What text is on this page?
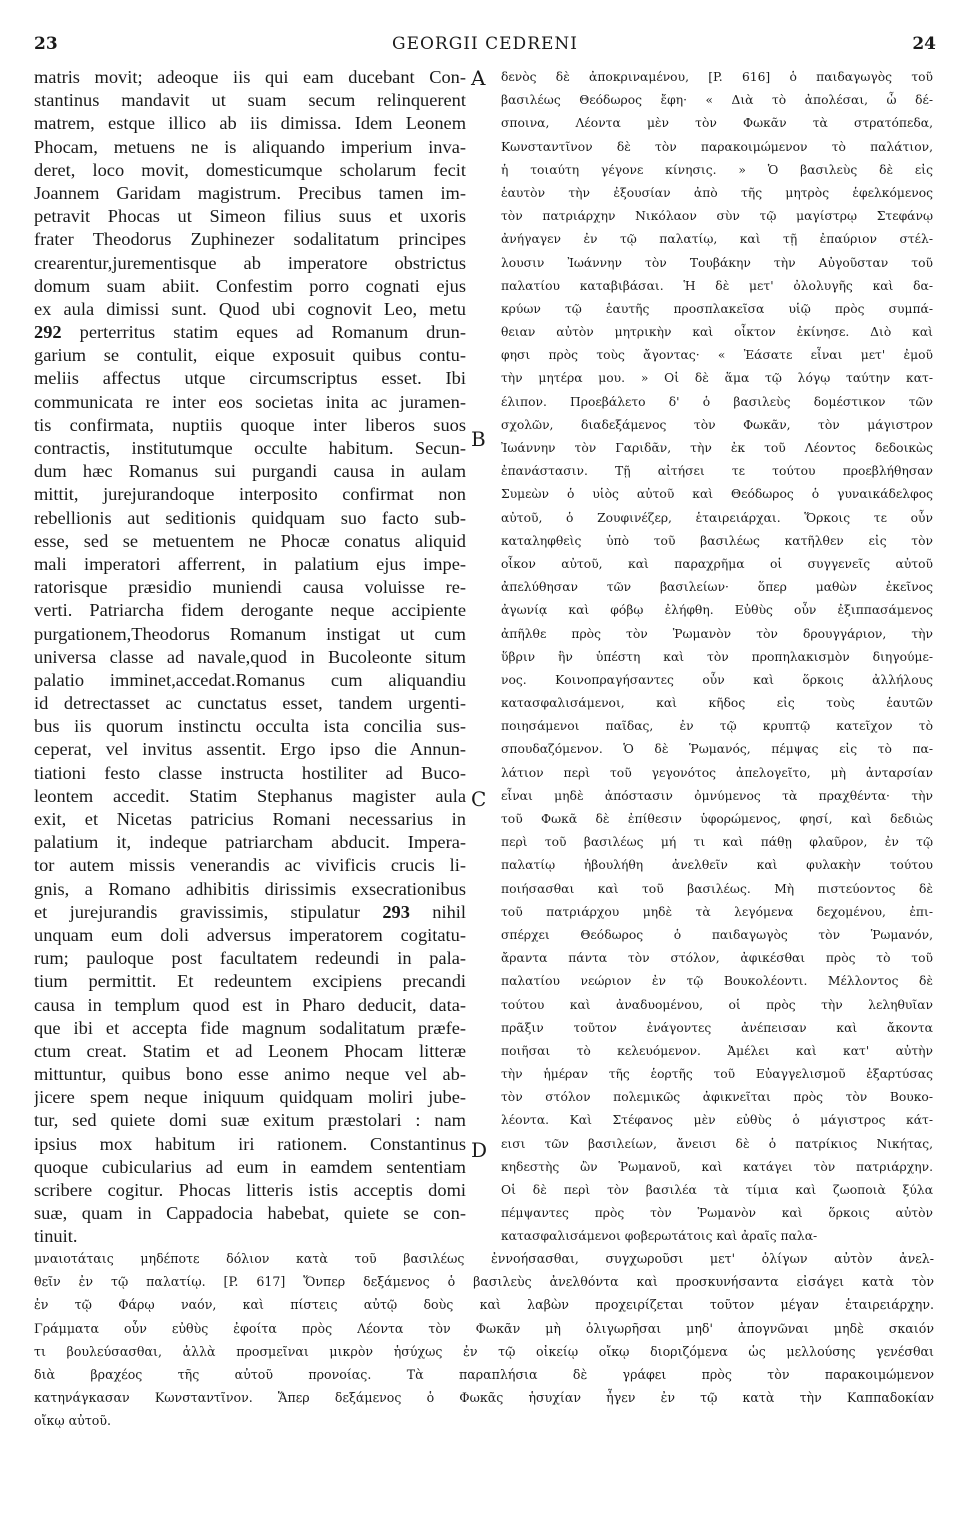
23	GEORGII CEDRENI	24
matris movit; adeoque iis qui eam ducebant Con-
stantinus mandavit ut suam secum relinquerent
matrem, estque illico ab iis dimissa. Idem Leonem
Phocam, metuens ne is aliquando imperium inva-
deret, loco movit, domesticumque scholarum fecit
Joannem Garidam magistrum. Precibus tamen im-
petravit Phocas ut Simeon filius suus et uxoris
frater Theodorus Zuphinezer sodalitatum principes
crearentur,jurementisque ab imperatore obstrictus
domum suam abiit. Confestim porro cognati ejus
ex aula dimissi sunt. Quod ubi cognovit Leo, metu
292 perterritus statim eques ad Romanum drun-
garium se contulit, eique exposuit quibus contu-
meliis affectus utque circumscriptus esset. Ibi
communicata re inter eos societas inita ac juramen-
tis confirmata, nuptiis quoque inter liberos suos
contractis, institutumque occulte habitum. Secun-
dum hæc Romanus sui purgandi causa in aulam
mittit, jurejurandoque interposito confirmat non
rebellionis aut seditionis quidquam suo facto sub-
esse, sed se metuentem ne Phocæ conatus aliquid
mali imperatori afferrent, in palatium ejus impe-
ratorisque præsidio muniendi causa voluisse re-
verti. Patriarcha fidem derogante neque accipiente
purgationem,Theodorus Romanum instigat ut cum
universa classe ad navale,quod in Bucoleonte situm
palatio imminet,accedat.Romanus cum aliquandiu
id detrectasset ac cunctatus esset, tandem urgenti-
bus iis quorum instinctu occulta ista concilia sus-
ceperat, vel invitus assentit. Ergo ipso die Annun-
tiationi festo classe instructa hostiliter ad Bucо-
leontem accedit. Statim Stephanus magister aula
exit, et Nicetas patricius Romani necessarius in
palatium it, indeque patriarcham abducit. Impera-
tor autem missis venerandis ac vivificis crucis li-
gnis, a Romano adhibitis dirissimis exsecrationibus
et jurejurandis gravissimis, stipulatur 293 nihil
unquam eum doli adversus imperatorem cogitatu-
rum; pauloque post facultatem redeundi in pala-
tium permittit. Et redeuntem excipiens precandi
causa in templum quod est in Pharo deducit, data-
que ibi et accepta fide magnum sodalitatum præfe-
ctum creat. Statim et ad Leonem Phocam litteræ
mittuntur, quibus bono esse animo neque vel ab-
jicere spem neque iniquum quidquam moliri jube-
tur, sed quiete domi suæ exitum præstolari : nam
ipsius mox habitum iri rationem. Constantinus
quoque cubicularius ad eum in eamdem sententiam
scribere cogitur. Phocas litteris istis acceptis domi
suæ, quam in Cappadocia habebat, quiete se con-
tinuit.
A
B
C
D
δενὸς δὲ ἀποκριναμένου, [P. 616] ὁ παιδαγωγὸς τοῦ
βασιλέως Θεόδωρος ἔφη· « Διὰ τὸ ἀπολέσαι, ὦ δέ-
σποινα, Λέοντα μὲν τὸν Φωκᾶν τὰ στρατόπεδα,
Κωνσταντῖνον δὲ τὸν παρακοιμώμενον τὸ παλάτιον,
ἡ τοιαύτη γέγονε κίνησις. » Ὁ βασιλεὺς δὲ εἰς
ἑαυτὸν τὴν ἐξουσίαν ἀπὸ τῆς μητρὸς ἑφελκόμενος
τὸν πατριάρχην Νικόλαον σὺν τῷ μαγίστρῳ Στεφάνῳ
ἀνήγαγεν ἐν τῷ παλατίῳ, καὶ τῇ ἐπαύριον στέλ-
λουσιν Ἰωάννην τὸν Τουβάκην τὴν Αὐγοῦσταν τοῦ
παλατίου καταβιβάσαι. Ἡ δὲ μετ' ὀλολυγῆς καὶ δα-
κρύων τῷ ἑαυτῆς προσπλακεῖσα υἱῷ πρὸς συμπά-
θειαν αὐτὸν μητρικὴν καὶ οἶκτον ἐκίνησε. Διὸ καὶ
φησι πρὸς τοὺς ἄγοντας· « Ἐάσατε εἶναι μετ' ἐμοῦ
τὴν μητέρα μου. » Οἱ δὲ ἅμα τῷ λόγῳ ταύτην κατ-
έλιπον. Προεβάλετο δ' ὁ βασιλεὺς δομέστικον τῶν
σχολῶν, διαδεξάμενος τὸν Φωκᾶν, τὸν μάγιστρον
Ἰωάννην τὸν Γαριδᾶν, τὴν ἐκ τοῦ Λέοντος δεδοικὼς
ἐπανάστασιν. Τῇ αἰτήσει τε τούτου προεβλήθησαν
Συμεὼν ὁ υἱὸς αὐτοῦ καὶ Θεόδωρος ὁ γυναικάδελφος
αὐτοῦ, ὁ Ζουφινέζερ, ἑταιρειάρχαι. Ὅρκοις τε οὖν
καταληφθεὶς ὑπὸ τοῦ βασιλέως κατῆλθεν εἰς τὸν
οἶκον αὐτοῦ, καὶ παραχρῆμα οἱ συγγενεῖς αὐτοῦ
ἀπελύθησαν τῶν βασιλείων· ὅπερ μαθὼν ἐκεῖνος
ἀγωνίᾳ καὶ φόβῳ ἐλήφθη. Εὐθὺς οὖν ἐξιππασάμενος
ἀπῆλθε πρὸς τὸν Ῥωμανὸν τὸν δρουγγάριον, τὴν
ὕβριν ἣν ὑπέστη καὶ τὸν προπηλακισμὸν διηγούμε-
νος. Κοινοπραγήσαντες οὖν καὶ ὅρκοις ἀλλήλους
κατασφαλισάμενοι, καὶ κῆδος εἰς τοὺς ἑαυτῶν
ποιησάμενοι παῖδας, ἐν τῷ κρυπτῷ κατεῖχον τὸ
σπουδαζόμενον. Ὁ δὲ Ῥωμανός, πέμψας εἰς τὸ πα-
λάτιον περὶ τοῦ γεγονότος ἀπελογεῖτο, μὴ ἀνταρσίαν
εἶναι μηδὲ ἀπόστασιν ὀμνύμενος τὰ πραχθέντα· τὴν
τοῦ Φωκᾶ δὲ ἐπίθεσιν ὑφορώμενος, φησί, καὶ δεδιὼς
περὶ τοῦ βασιλέως μή τι καὶ πάθῃ φλαῦρον, ἐν τῷ
παλατίῳ ἠβουλήθη ἀνελθεῖν καὶ φυλακὴν τούτου
ποιήσασθαι καὶ τοῦ βασιλέως. Μὴ πιστεύοντος δὲ
τοῦ πατριάρχου μηδὲ τὰ λεγόμενα δεχομένου, ἐπι-
σπέρχει Θεόδωρος ὁ παιδαγωγὸς τὸν Ῥωμανόν,
ἄραντα πάντα τὸν στόλον, ἀφικέσθαι πρὸς τὸ τοῦ
παλατίου νεώριον ἐν τῷ Βουκολέοντι. Μέλλοντος δὲ
τούτου καὶ ἀναδυομένου, οἱ πρὸς τὴν λεληθυῖαν
πρᾶξιν τοῦτον ἐνάγοντες ἀνέπεισαν καὶ ἄκοντα
ποιῆσαι τὸ κελευόμενον. Ἀμέλει καὶ κατ' αὐτὴν
τὴν ἡμέραν τῆς ἑορτῆς τοῦ Εὐαγγελισμοῦ ἐξαρτύσας
τὸν στόλον πολεμικῶς ἀφικνεῖται πρὸς τὸν Βουκο-
λέοντα. Καὶ Στέφανος μὲν εὐθὺς ὁ μάγιστρος κάτ-
εισι τῶν βασιλείων, ἄνεισι δὲ ὁ πατρίκιος Νικήτας,
κηδεστὴς ὢν Ῥωμανοῦ, καὶ κατάγει τὸν πατριάρχην.
Οἱ δὲ περὶ τὸν βασιλέα τὰ τίμια καὶ ζωοποιὰ ξύλα
πέμψαντες πρὸς τὸν Ῥωμανὸν καὶ ὅρκοις αὐτὸν
κατασφαλισάμενοι φοβερωτάτοις καὶ ἀραῖς παλα-
μναιοτάταις μηδέποτε δόλιον κατὰ τοῦ βασιλέως ἐννοήσασθαι, συγχωροῦσι μετ' ὀλίγων αὐτὸν ἀνελ-
θεῖν ἐν τῷ παλατίῳ. [P. 617] Ὅνπερ δεξάμενος ὁ βασιλεὺς ἀνελθόντα καὶ προσκυνήσαντα εἰσάγει κατὰ τὸν
ἐν τῷ Φάρῳ ναόν, καὶ πίστεις αὐτῷ δοὺς καὶ λαβὼν προχειρίζεται τοῦτον μέγαν ἑταιρειάρχην.
Γράμματα οὖν εὐθὺς ἐφοίτα πρὸς Λέοντα τὸν Φωκᾶν μὴ ὀλιγωρῆσαι μηδ' ἀπογνῶναι μηδὲ σκαιόν
τι βουλεύσασθαι, ἀλλὰ προσμεῖναι μικρὸν ἡσύχως ἐν τῷ οἰκείῳ οἴκῳ διοριζόμενα ὡς μελλούσης γενέσθαι
διὰ βραχέος τῆς αὐτοῦ προνοίας. Τὰ παραπλήσια δὲ γράφει πρὸς τὸν παρακοιμώμενον
κατηνάγκασαν Κωνσταντῖνον. Ἅπερ δεξάμενος ὁ Φωκᾶς ἡσυχίαν ἦγεν ἐν τῷ κατὰ τὴν Καππαδοκίαν
οἴκῳ αὐτοῦ.
